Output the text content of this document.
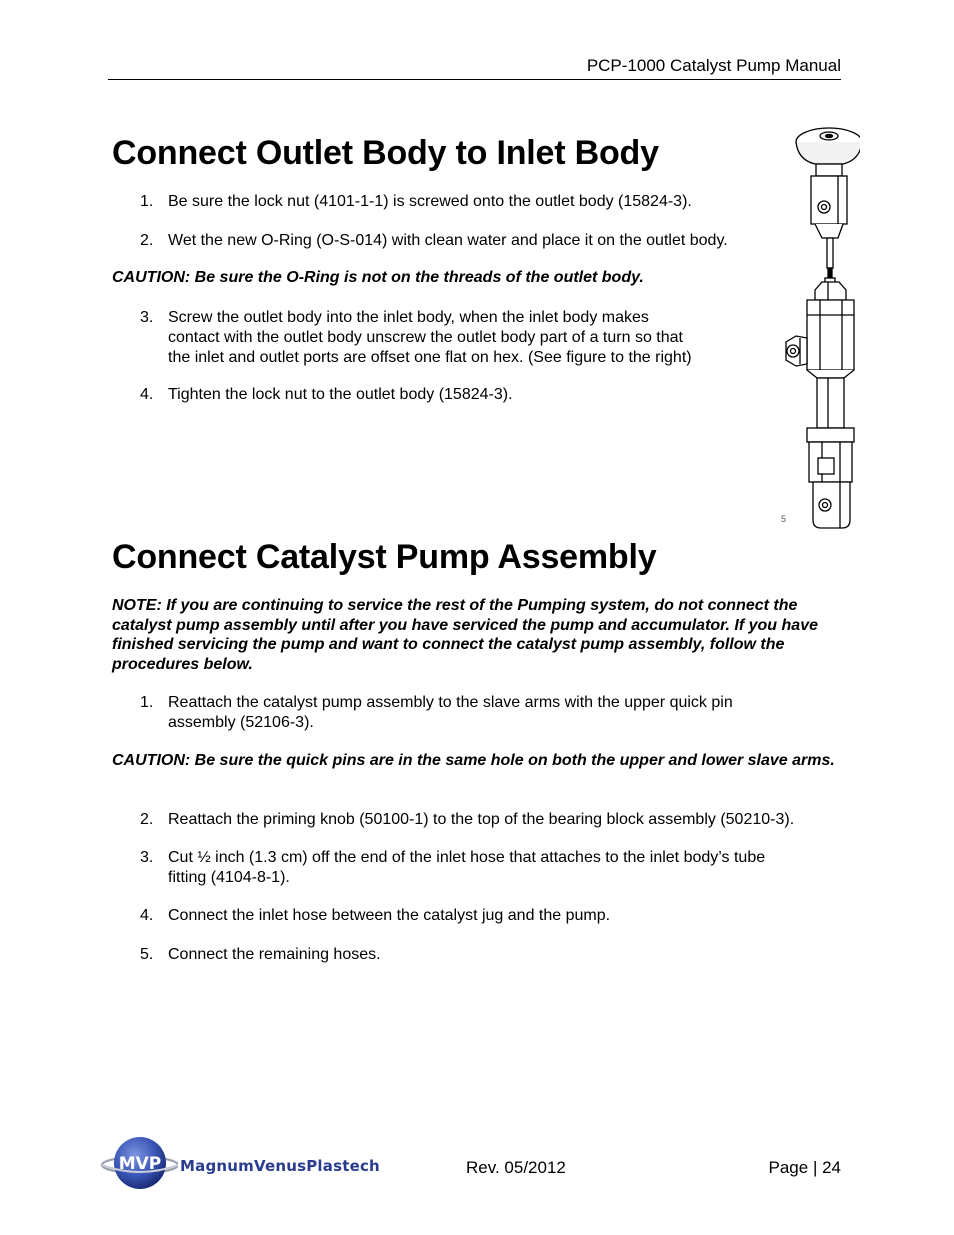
PCP-1000 Catalyst Pump Manual
Connect Outlet Body to Inlet Body
1. Be sure the lock nut (4101-1-1) is screwed onto the outlet body (15824-3).
2. Wet the new O-Ring (O-S-014) with clean water and place it on the outlet body.

CAUTION: Be sure the O-Ring is not on the threads of the outlet body.

3. Screw the outlet body into the inlet body, when the inlet body makes
contact with the outlet body unscrew the outlet body part of a turn so that
the inlet and outlet ports are offset one flat on hex. (See figure to the right)
4. Tighten the lock nut to the outlet body (15824-3).
5
Connect Catalyst Pump Assembly

NOTE: If you are continuing to service the rest of the Pumping system, do not connect the catalyst pump assembly until after you have serviced the pump and accumulator. If you have finished servicing the pump and want to connect the catalyst pump assembly, follow the procedures below.

1. Reattach the catalyst pump assembly to the slave arms with the upper quick pin
assembly (52106-3).

CAUTION: Be sure the quick pins are in the same hole on both the upper and lower slave arms.

2. Reattach the priming knob (50100-1) to the top of the bearing block assembly (50210-3).
3. Cut ½ inch (1.3 cm) off the end of the inlet hose that attaches to the inlet body’s tube
fitting (4104-8-1).
4. Connect the inlet hose between the catalyst jug and the pump.
5. Connect the remaining hoses.
MVP MagnumVenusPlastech	Rev. 05/2012	Page | 24
